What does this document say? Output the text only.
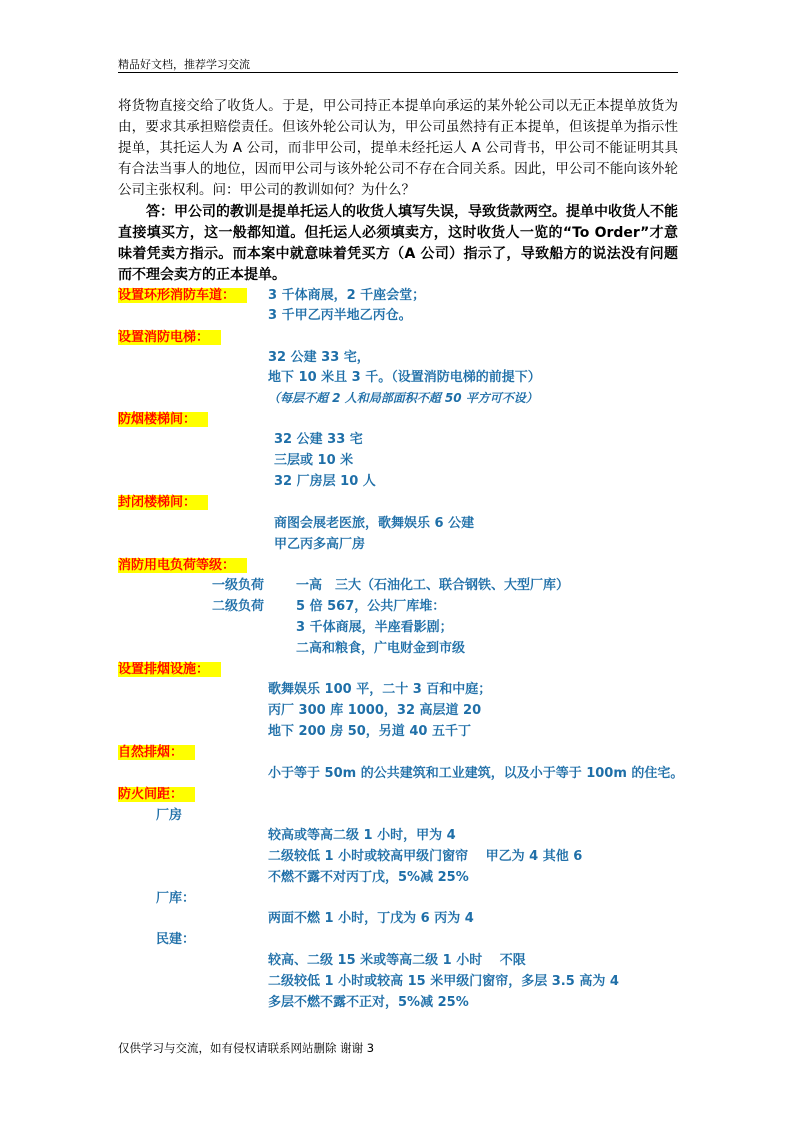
精品好文档，推荐学习交流
将货物直接交给了收货人。于是，甲公司持正本提单向承运的某外轮公司以无正本提单放货为由，要求其承担赔偿责任。但该外轮公司认为，甲公司虽然持有正本提单，但该提单为指示性提单，其托运人为 A 公司，而非甲公司，提单未经托运人 A 公司背书，甲公司不能证明其具有合法当事人的地位，因而甲公司与该外轮公司不存在合同关系。因此，甲公司不能向该外轮公司主张权利。问：甲公司的教训如何？为什么？
答：甲公司的教训是提单托运人的收货人填写失误，导致货款两空。提单中收货人不能直接填买方，这一般都知道。但托运人必须填卖方，这时收货人一览的“To Order”才意味着凭卖方指示。而本案中就意味着凭买方（A 公司）指示了，导致船方的说法没有问题而不理会卖方的正本提单。
设置环形消防车道：	3 千体商展，2 千座会堂；
3 千甲乙丙半地乙丙仓。
设置消防电梯：
32 公建 33 宅，
地下 10 米且 3 千。（设置消防电梯的前提下）
（每层不超 2 人和局部面积不超 50 平方可不设）
防烟楼梯间：
32 公建 33 宅
三层或 10 米
32 厂房层 10 人
封闭楼梯间：
商图会展老医旅，歌舞娱乐 6 公建
甲乙丙多高厂房
消防用电负荷等级：
一级负荷 一高　三大（石油化工、联合钢铁、大型厂库）
二级负荷 5 倍 567，公共厂库堆：
3 千体商展，半座看影剧；
二高和粮食，广电财金到市级
设置排烟设施：
歌舞娱乐 100 平，二十 3 百和中庭；
丙厂 300 库 1000，32 高层道 20
地下 200 房 50，另道 40 五千丁
自然排烟：
小于等于 50m 的公共建筑和工业建筑，以及小于等于 100m 的住宅。
防火间距：
厂房
较高或等高二级 1 小时，甲为 4
二级较低 1 小时或较高甲级门窗帘　 甲乙为 4 其他 6
不燃不露不对丙丁戊，5%减 25%
厂库：
两面不燃 1 小时，丁戊为 6 丙为 4
民建：
较高、二级 15 米或等高二级 1 小时　 不限
二级较低 1 小时或较高 15 米甲级门窗帘，多层 3.5 高为 4
多层不燃不露不正对，5%减 25%
仅供学习与交流，如有侵权请联系网站删除 谢谢 3
